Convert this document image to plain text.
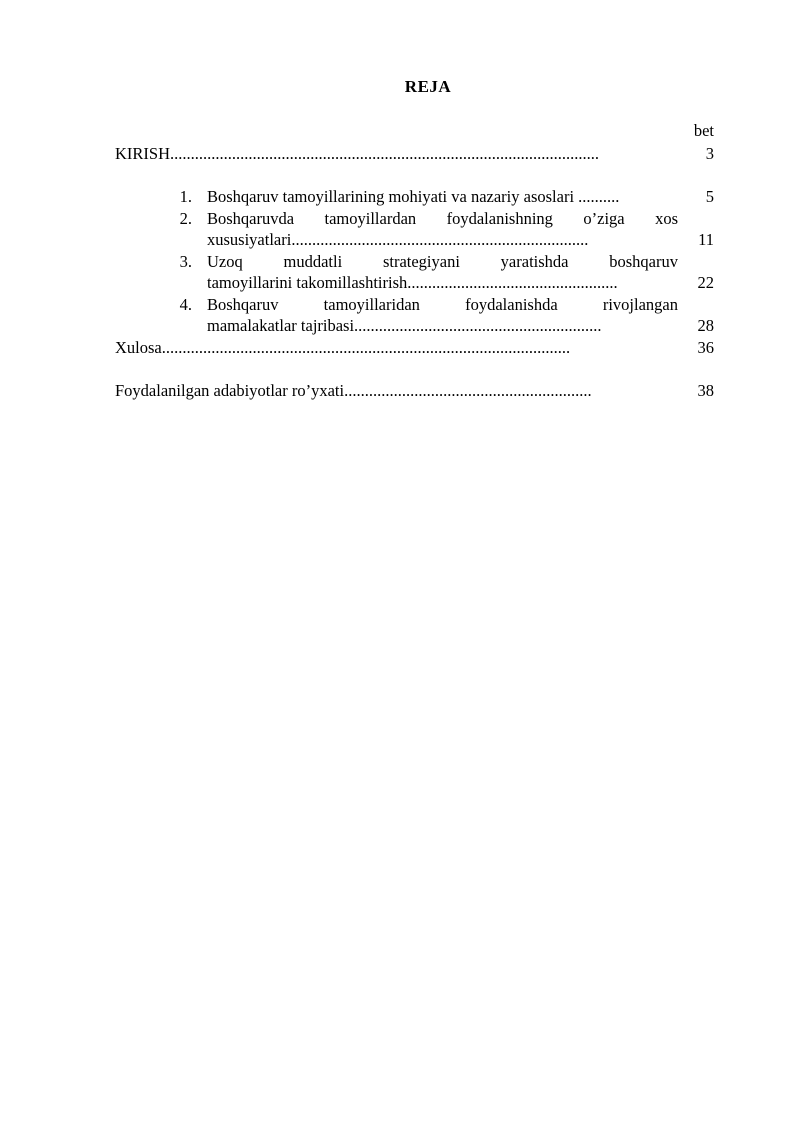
REJA
bet
KIRISH........................................................................................................	3
1. Boshqaruv tamoyillarining mohiyati va nazariy asoslari ..........	5
2. Boshqaruvda tamoyillardan foydalanishning o’ziga xos
xususiyatlari........................................................................	11
3. Uzoq muddatli strategiyani yaratishda boshqaruv
tamoyillarini takomillashtirish...................................................	22
4. Boshqaruv tamoyillaridan foydalanishda rivojlangan
mamalakatlar tajribasi............................................................	28
Xulosa...................................................................................................	36
Foydalanilgan adabiyotlar ro’yxati............................................................	38
